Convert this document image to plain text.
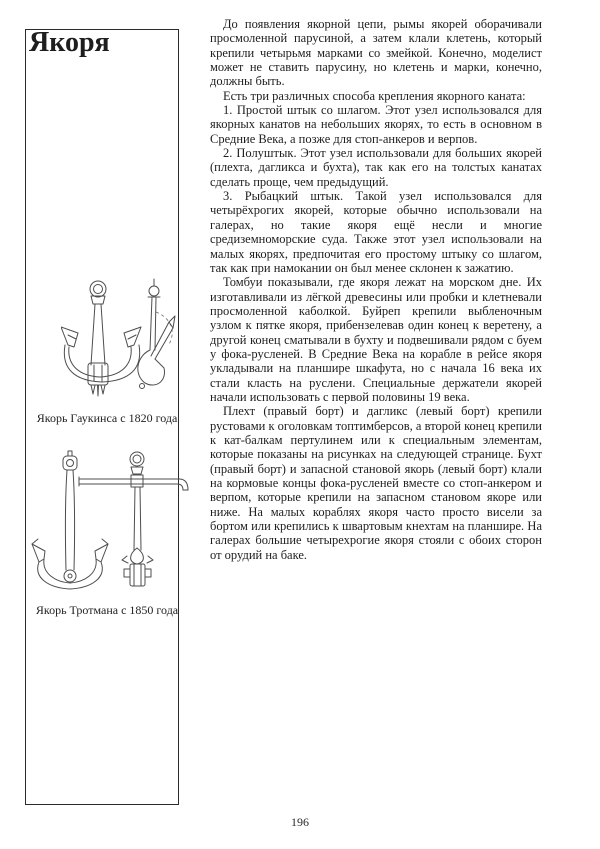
Якоря
Якорь Гаукинса с 1820 года
Якорь Тротмана с 1850 года

До появления якорной цепи, рымы якорей оборачивали просмоленной парусиной, а затем клали клетень, который крепили четырьмя марками со змейкой. Конечно, моделист может не ставить парусину, но клетень и марки, конечно, должны быть.

Есть три различных способа крепления якорного каната:

1. Простой штык со шлагом. Этот узел использовался для якорных канатов на небольших якорях, то есть в основном в Средние Века, а позже для стоп-анкеров и верпов.

2. Полуштык. Этот узел использовали для больших якорей (плехта, дагликса и бухта), так как его на толстых канатах сделать проще, чем предыдущий.

3. Рыбацкий штык. Такой узел использовался для четырёхрогих якорей, которые обычно использовали на галерах, но такие якоря ещё несли и многие средиземноморские суда. Также этот узел использовали на малых якорях, предпочитая его простому штыку со шлагом, так как при намокании он был менее склонен к зажатию.

Томбуи показывали, где якоря лежат на морском дне. Их изготавливали из лёгкой древесины или пробки и клетневали просмоленной каболкой. Буйреп крепили выбленочным узлом к пятке якоря, прибензелевав один конец к веретену, а другой конец сматывали в бухту и подвешивали рядом с буем у фока-русленей. В Средние Века на корабле в рейсе якоря укладывали на планшире шкафута, но с начала 16 века их стали класть на руслени. Специальные держатели якорей начали использовать с первой половины 19 века.

Плехт (правый борт) и дагликс (левый борт) крепили рустовами к оголовкам топтимберсов, а второй конец крепили к кат-балкам пертулинем или к специальным элементам, которые показаны на рисунках на следующей странице. Бухт (правый борт) и запасной становой якорь (левый борт) клали на кормовые концы фока-русленей вместе со стоп-анкером и верпом, которые крепили на запасном становом якоре или ниже. На малых кораблях якоря часто просто висели за бортом или крепились к швартовым кнехтам на планшире. На галерах большие четырехрогие якоря стояли с обоих сторон от орудий на баке.

196
